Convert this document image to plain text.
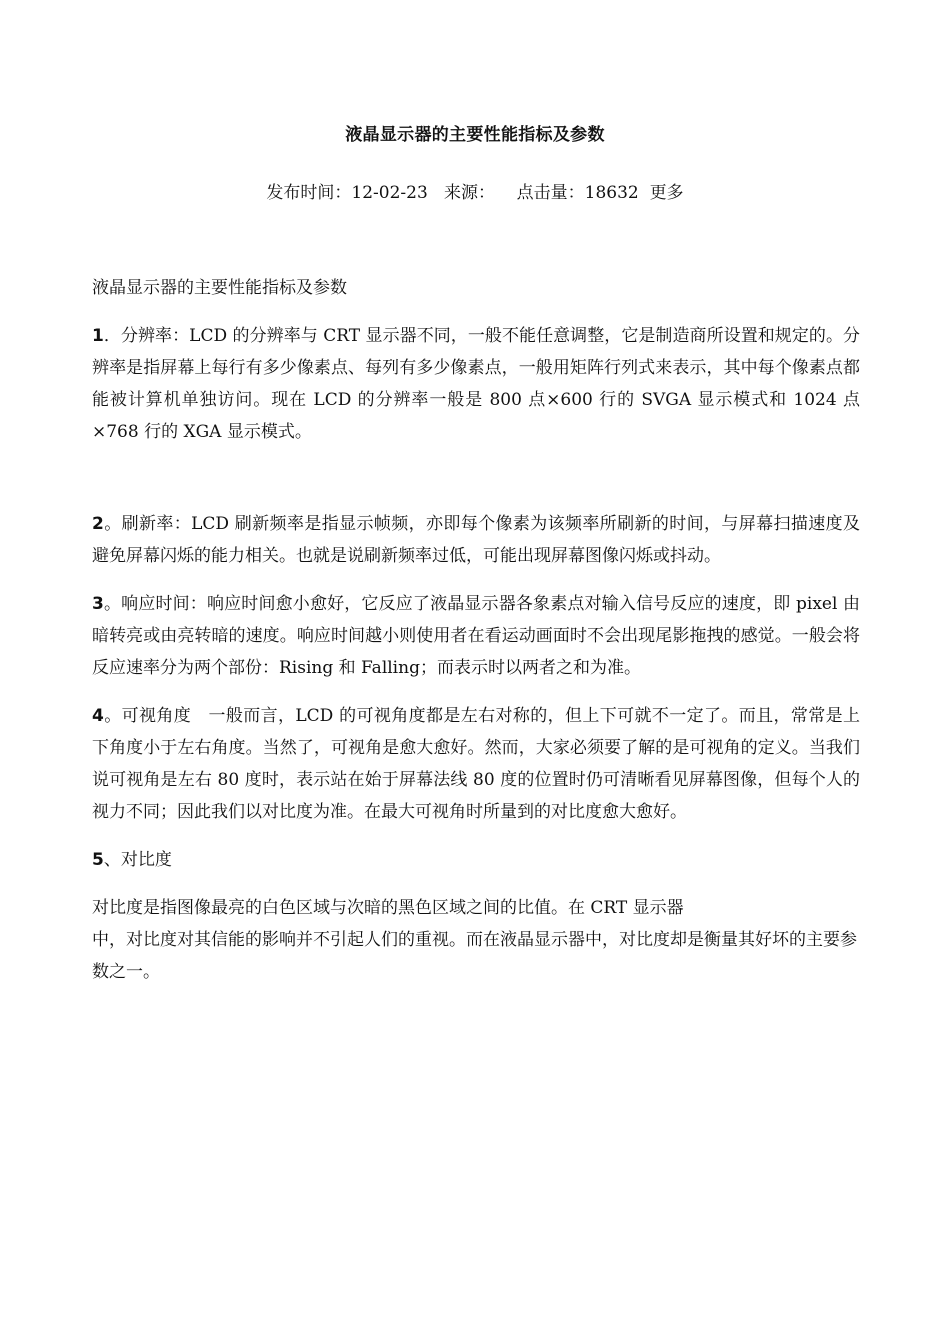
液晶显示器的主要性能指标及参数
发布时间：12-02-23 来源： 点击量：18632 更多

液晶显示器的主要性能指标及参数

1．分辨率：LCD 的分辨率与 CRT 显示器不同，一般不能任意调整，它是制造商所设置和规定的。分辨率是指屏幕上每行有多少像素点、每列有多少像素点，一般用矩阵行列式来表示，其中每个像素点都能被计算机单独访问。现在 LCD 的分辨率一般是 800 点×600 行的 SVGA 显示模式和 1024 点×768 行的 XGA 显示模式。

2。刷新率：LCD 刷新频率是指显示帧频，亦即每个像素为该频率所刷新的时间，与屏幕扫描速度及避免屏幕闪烁的能力相关。也就是说刷新频率过低，可能出现屏幕图像闪烁或抖动。

3。响应时间：响应时间愈小愈好，它反应了液晶显示器各象素点对输入信号反应的速度，即 pixel 由暗转亮或由亮转暗的速度。响应时间越小则使用者在看运动画面时不会出现尾影拖拽的感觉。一般会将反应速率分为两个部份：Rising 和 Falling；而表示时以两者之和为准。

4。可视角度　一般而言，LCD 的可视角度都是左右对称的，但上下可就不一定了。而且，常常是上下角度小于左右角度。当然了，可视角是愈大愈好。然而，大家必须要了解的是可视角的定义。当我们说可视角是左右 80 度时，表示站在始于屏幕法线 80 度的位置时仍可清晰看见屏幕图像，但每个人的视力不同；因此我们以对比度为准。在最大可视角时所量到的对比度愈大愈好。

5、对比度

对比度是指图像最亮的白色区域与次暗的黑色区域之间的比值。在 CRT 显示器
中，对比度对其信能的影响并不引起人们的重视。而在液晶显示器中，对比度却是衡量其好坏的主要参数之一。
